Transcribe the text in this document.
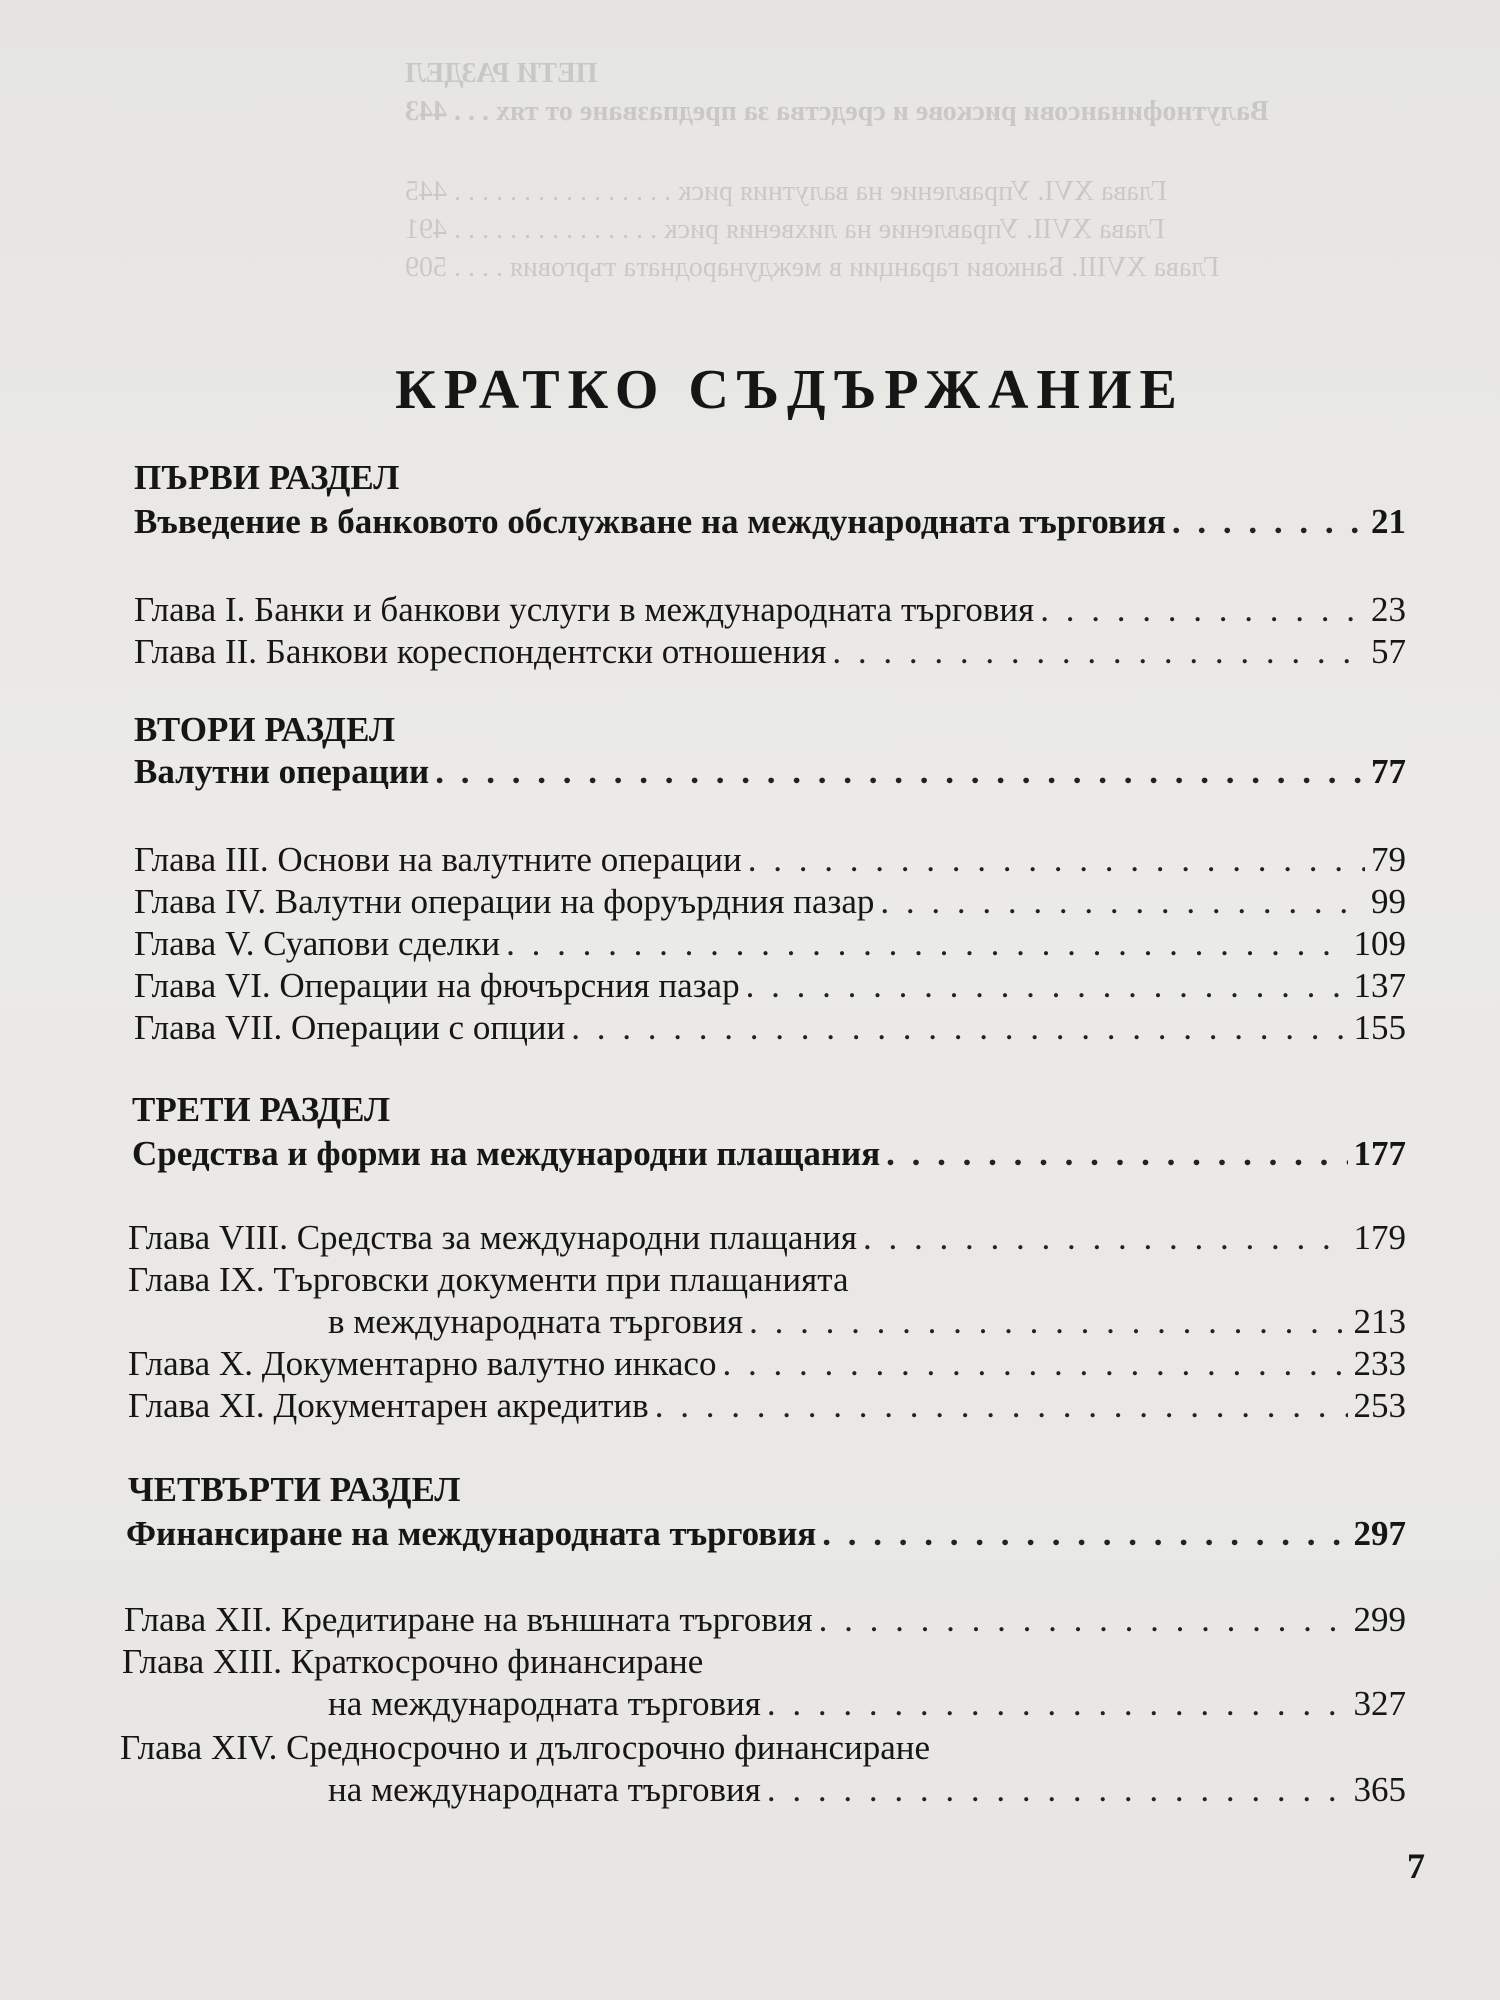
ПЕТИ РАЗДЕЛ
Валутнофинансови рискове и средства за предпазване от тях . . . 443
Глава XVI. Управление на валутния риск . . . . . . . . . . . . . . . . 445
Глава XVII. Управление на лихвения риск . . . . . . . . . . . . . . . 491
Глава XVIII. Банкови гаранции в международната търговия . . . . 509
КРАТКО СЪДЪРЖАНИЕ
ПЪРВИ РАЗДЕЛ
Въведение в банковото обслужване на международната търговия . . .	21
Глава I. Банки и банкови услуги в международната търговия . . .	23
Глава II. Банкови кореспондентски отношения . . .	57
ВТОРИ РАЗДЕЛ
Валутни операции . . .	77
Глава III. Основи на валутните операции . . .	79
Глава IV. Валутни операции на форуърдния пазар . . .	99
Глава V. Суапови сделки . . .	109
Глава VI. Операции на фючърсния пазар . . .	137
Глава VII. Операции с опции . . .	155
ТРЕТИ РАЗДЕЛ
Средства и форми на международни плащания . . .	177
Глава VIII. Средства за международни плащания . . .	179
Глава IX. Търговски документи при плащанията
в международната търговия . . .	213
Глава X. Документарно валутно инкасо . . .	233
Глава XI. Документарен акредитив . . .	253
ЧЕТВЪРТИ РАЗДЕЛ
Финансиране на международната търговия . . .	297
Глава XII. Кредитиране на външната търговия . . .	299
Глава XIII. Краткосрочно финансиране
на международната търговия . . .	327
Глава XIV. Средносрочно и дългосрочно финансиране
на международната търговия . . .	365
7
